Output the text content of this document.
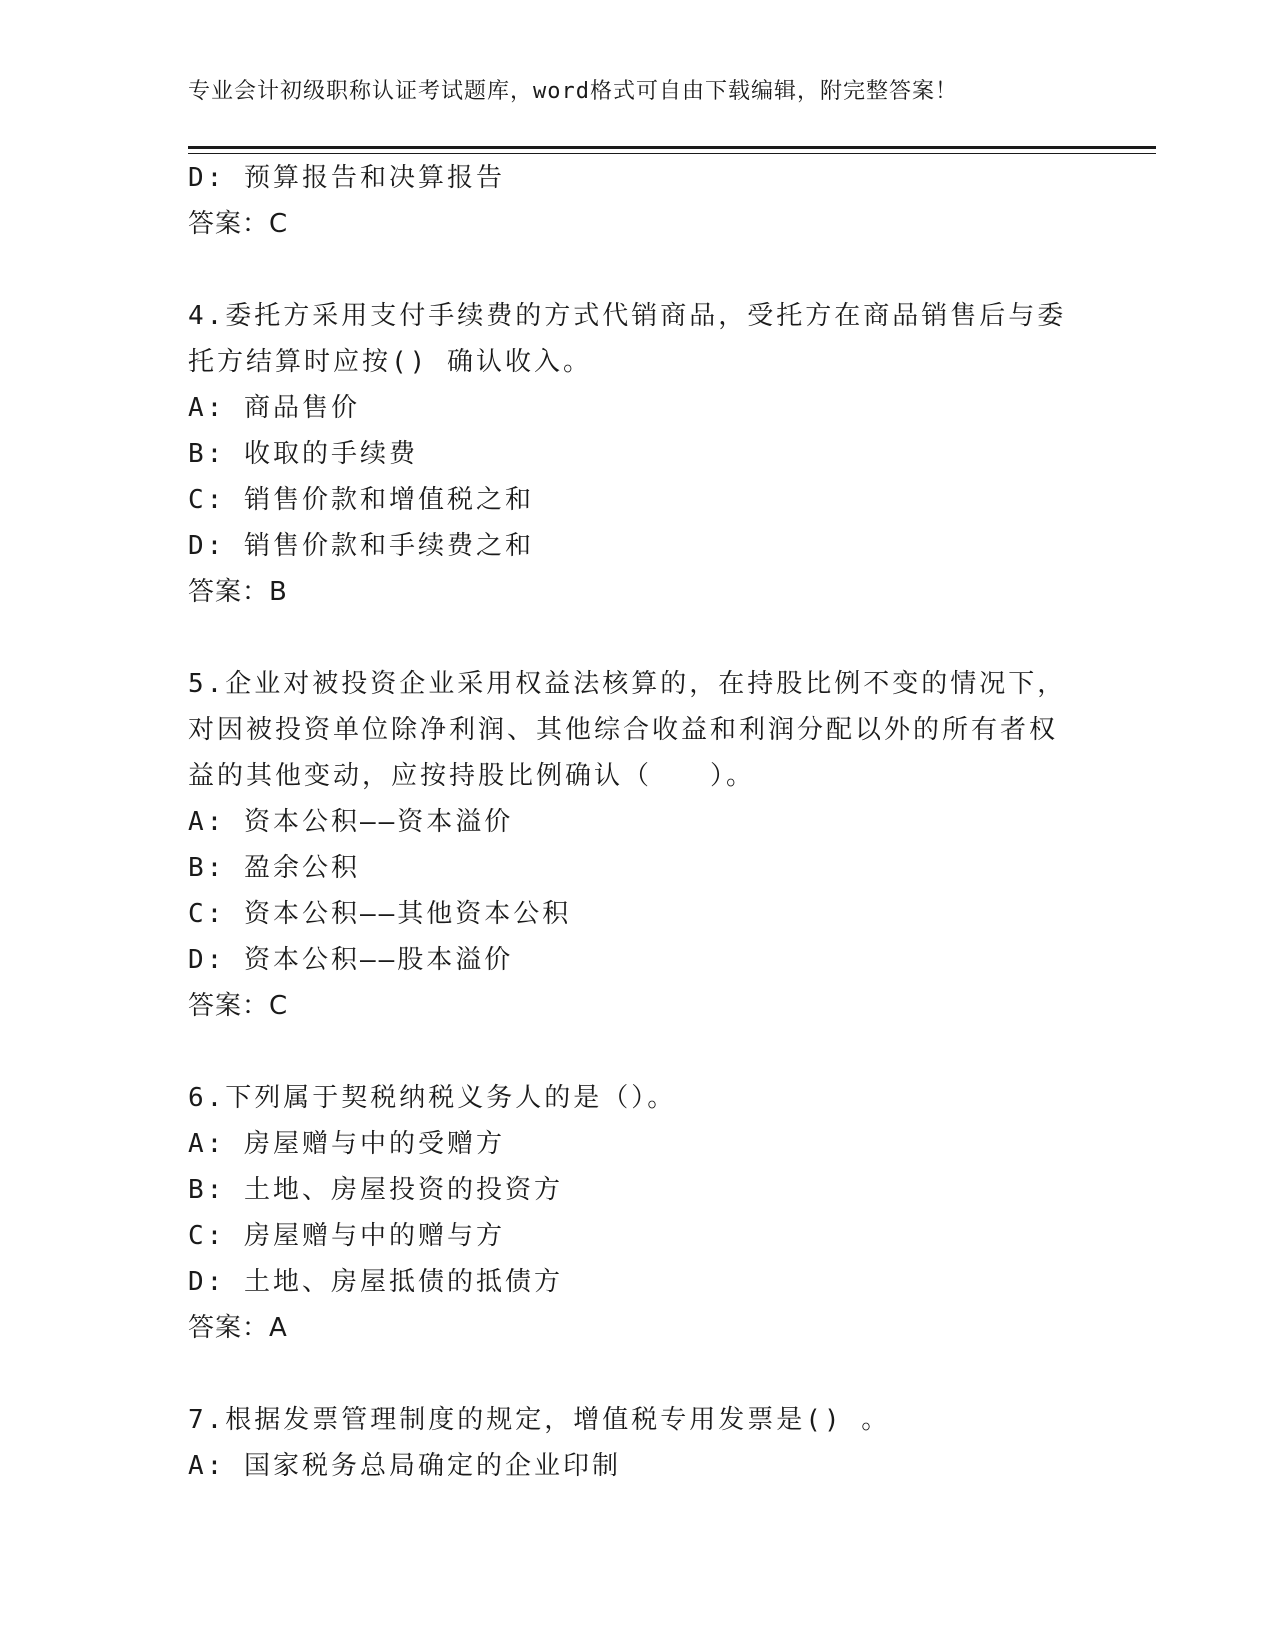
专业会计初级职称认证考试题库，word格式可自由下载编辑，附完整答案！
D: 预算报告和决算报告
答案：C
4.委托方采用支付手续费的方式代销商品，受托方在商品销售后与委
托方结算时应按() 确认收入。
A: 商品售价
B: 收取的手续费
C: 销售价款和增值税之和
D: 销售价款和手续费之和
答案：B
5.企业对被投资企业采用权益法核算的，在持股比例不变的情况下，
对因被投资单位除净利润、其他综合收益和利润分配以外的所有者权
益的其他变动，应按持股比例确认（　　）。
A: 资本公积——资本溢价
B: 盈余公积
C: 资本公积——其他资本公积
D: 资本公积——股本溢价
答案：C
6.下列属于契税纳税义务人的是（）。
A: 房屋赠与中的受赠方
B: 土地、房屋投资的投资方
C: 房屋赠与中的赠与方
D: 土地、房屋抵债的抵债方
答案：A
7.根据发票管理制度的规定，增值税专用发票是() 。
A: 国家税务总局确定的企业印制
